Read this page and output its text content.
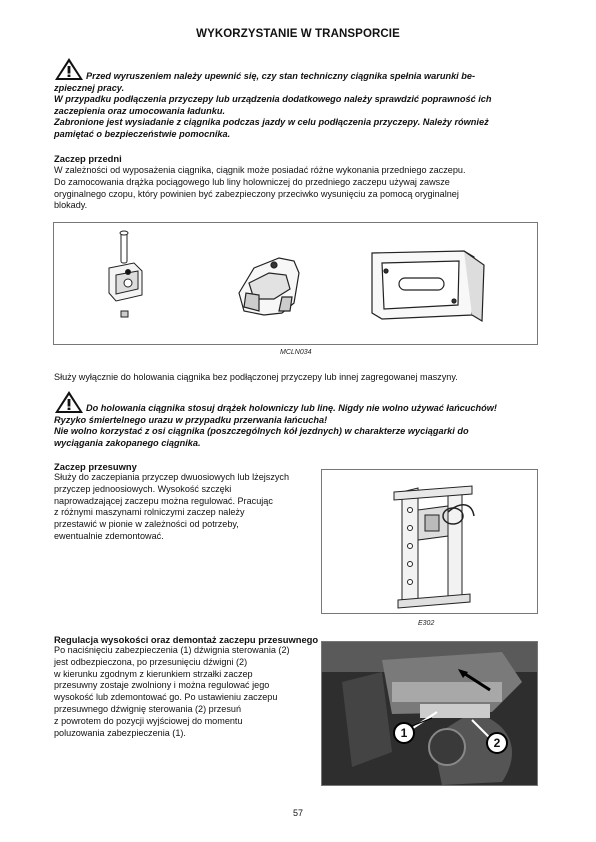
WYKORZYSTANIE W TRANSPORCIE

Przed wyruszeniem należy upewnić się, czy stan techniczny ciągnika spełnia warunki be-

zpiecznej pracy.

W przypadku podłączenia przyczepy lub urządzenia dodatkowego należy sprawdzić poprawność ich

zaczepienia oraz umocowania ładunku.

Zabronione jest wysiadanie z ciągnika podczas jazdy w celu podłączenia przyczepy. Należy również

pamiętać o bezpieczeństwie pomocnika.

Zaczep przedni

W zależności od wyposażenia ciągnika, ciągnik może posiadać różne wykonania przedniego zaczepu.

Do zamocowania drążka pociągowego lub liny holowniczej do przedniego zaczepu używaj zawsze

oryginalnego czopu, który powinien być zabezpieczony przeciwko wysunięciu za pomocą oryginalnej

blokady.

MCLN034
Służy wyłącznie do holowania ciągnika bez podłączonej przyczepy lub innej zagregowanej maszyny.

Do holowania ciągnika stosuj drążek holowniczy lub linę. Nigdy nie wolno używać łańcuchów!

Ryzyko śmiertelnego urazu w przypadku przerwania łańcucha!

Nie wolno korzystać z osi ciągnika (poszczególnych kół jezdnych) w charakterze wyciągarki do

wyciągania zakopanego ciągnika.

Zaczep przesuwny

Służy do zaczepiania przyczep dwuosiowych lub lżejszych

przyczep jednoosiowych. Wysokość szczęki

naprowadzającej zaczepu można regulować. Pracując

z różnymi maszynami rolniczymi zaczep należy

przestawić w pionie w zależności od potrzeby,

ewentualnie zdemontować.

E302
Regulacja wysokości oraz demontaż zaczepu przesuwnego

Po naciśnięciu zabezpieczenia (1) dźwignia sterowania (2)

jest odbezpieczona, po przesunięciu dźwigni (2)

w kierunku zgodnym z kierunkiem strzałki zaczep

przesuwny zostaje zwolniony i można regulować jego

wysokość lub zdemontować go. Po ustawieniu zaczepu

przesuwnego dźwignię sterowania (2) przesuń

z powrotem do pozycji wyjściowej do momentu

poluzowania zabezpieczenia (1).	1
2
57
